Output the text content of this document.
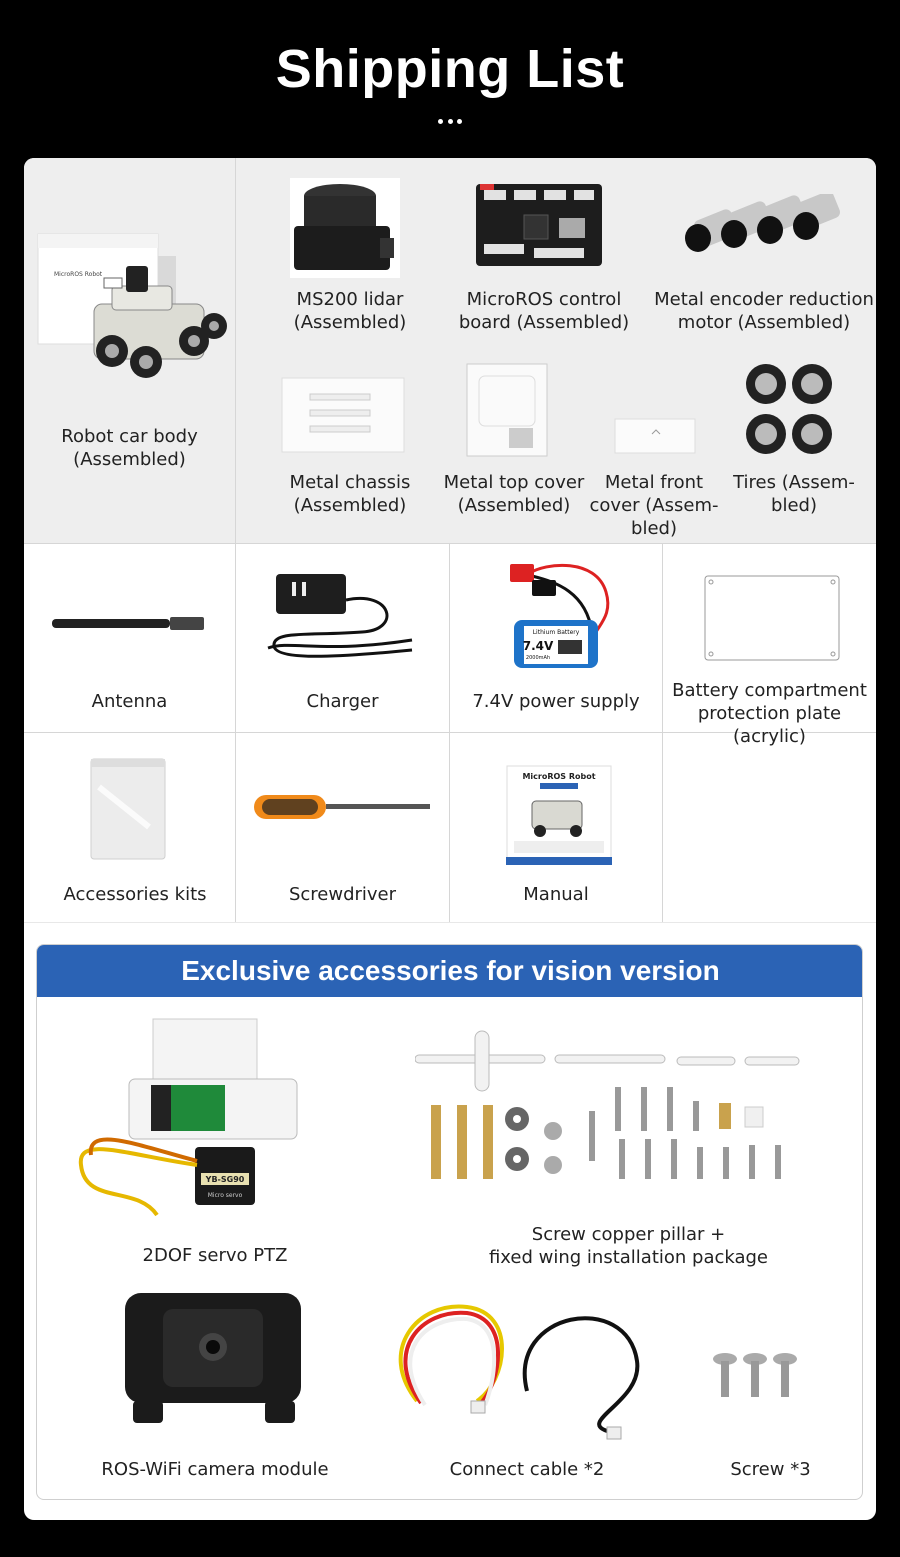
Shipping List
MicroROS Robot
Robot car body
(Assembled)
MS200 lidar
(Assembled)
MicroROS control
board (Assembled)
Metal encoder reduction
motor (Assembled)
Metal chassis
(Assembled)
Metal top cover
(Assembled)
Metal front
cover (Assem-
bled)
Tires (Assem-
bled)
Antenna	Charger
Lithium Battery
7.4V
2000mAh
7.4V power supply
Battery compartment
protection plate (acrylic)
Accessories kits	Screwdriver
MicroROS Robot
Manual
Exclusive accessories for vision version
YB-SG90
Micro servo
2DOF servo PTZ
Screw copper pillar +
fixed wing installation package
ROS-WiFi camera module	Connect cable *2	Screw *3
